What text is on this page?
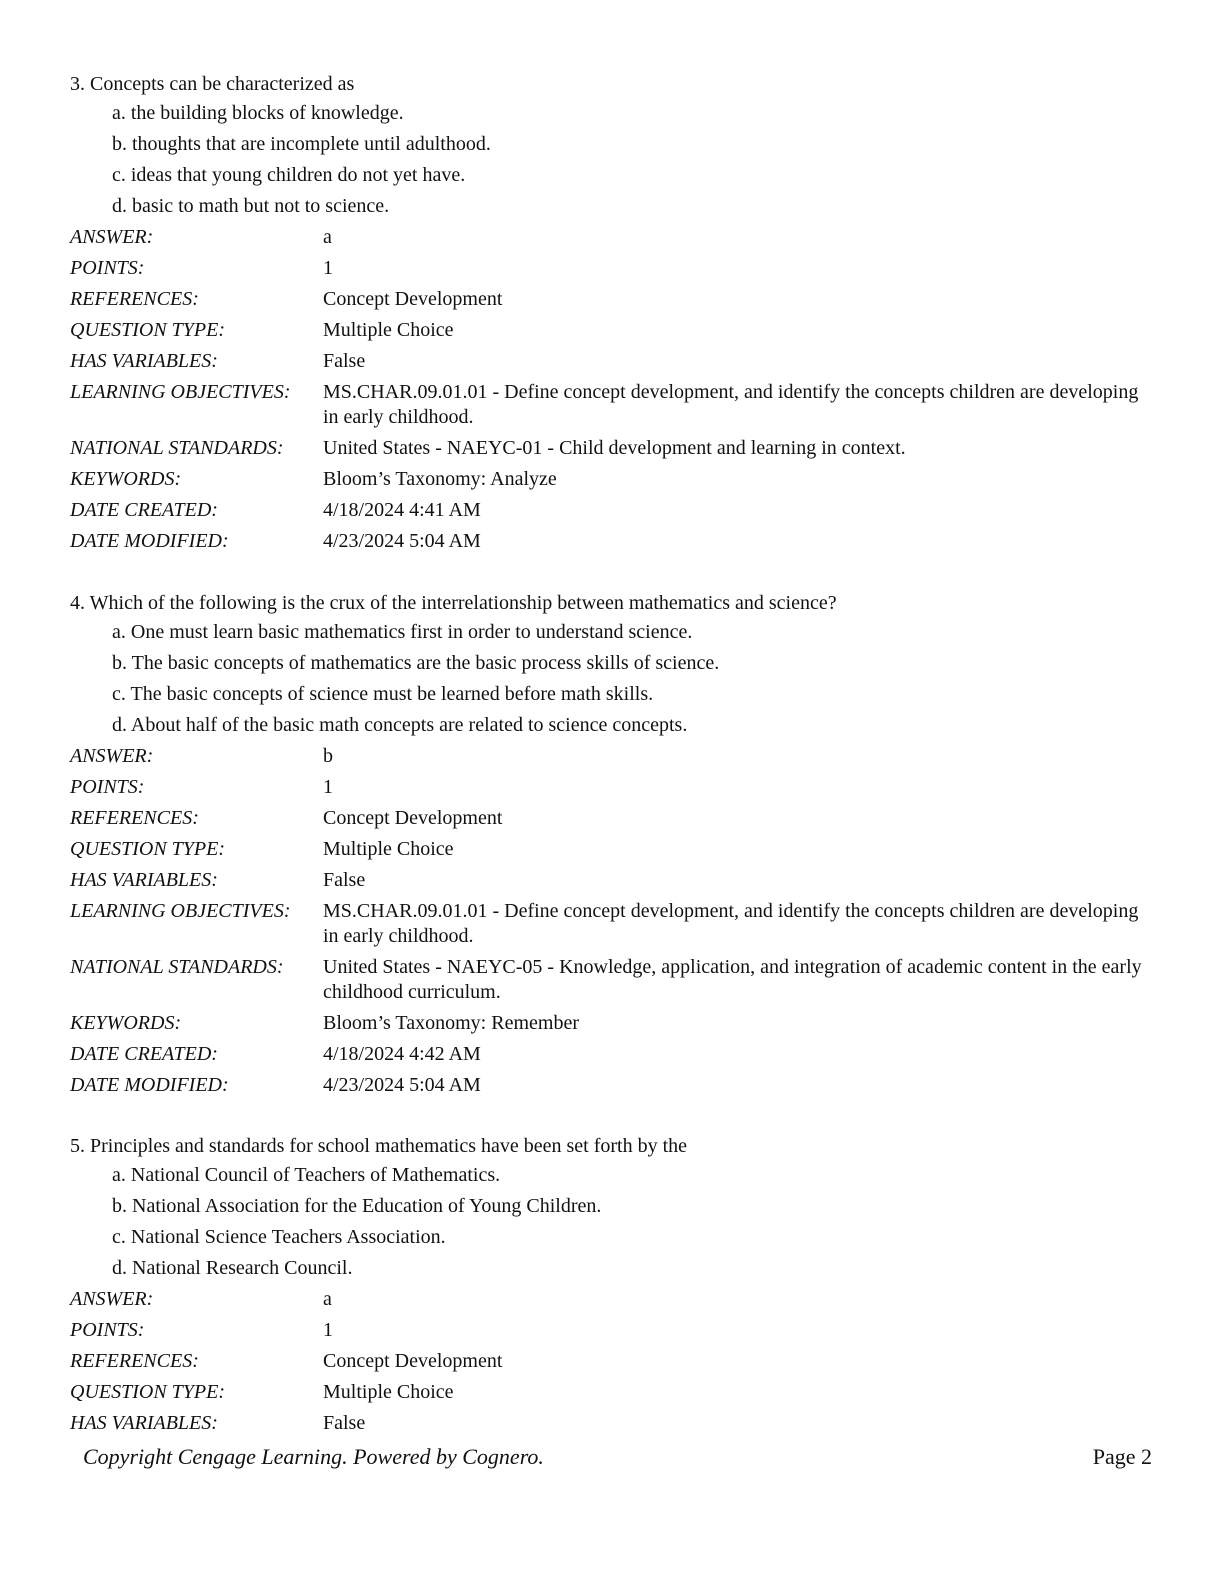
3. Concepts can be characterized as
a. the building blocks of knowledge.
b. thoughts that are incomplete until adulthood.
c. ideas that young children do not yet have.
d. basic to math but not to science.
ANSWER:	a
POINTS:	1
REFERENCES:	Concept Development
QUESTION TYPE:	Multiple Choice
HAS VARIABLES:	False
LEARNING OBJECTIVES:	MS.CHAR.09.01.01 - Define concept development, and identify the concepts children are developing in early childhood.
NATIONAL STANDARDS:	United States - NAEYC-01 - Child development and learning in context.
KEYWORDS:	Bloom’s Taxonomy: Analyze
DATE CREATED:	4/18/2024 4:41 AM
DATE MODIFIED:	4/23/2024 5:04 AM
4. Which of the following is the crux of the interrelationship between mathematics and science?
a. One must learn basic mathematics first in order to understand science.
b. The basic concepts of mathematics are the basic process skills of science.
c. The basic concepts of science must be learned before math skills.
d. About half of the basic math concepts are related to science concepts.
ANSWER:	b
POINTS:	1
REFERENCES:	Concept Development
QUESTION TYPE:	Multiple Choice
HAS VARIABLES:	False
LEARNING OBJECTIVES:	MS.CHAR.09.01.01 - Define concept development, and identify the concepts children are developing in early childhood.
NATIONAL STANDARDS:	United States - NAEYC-05 - Knowledge, application, and integration of academic content in the early childhood curriculum.
KEYWORDS:	Bloom’s Taxonomy: Remember
DATE CREATED:	4/18/2024 4:42 AM
DATE MODIFIED:	4/23/2024 5:04 AM
5. Principles and standards for school mathematics have been set forth by the
a. National Council of Teachers of Mathematics.
b. National Association for the Education of Young Children.
c. National Science Teachers Association.
d. National Research Council.
ANSWER:	a
POINTS:	1
REFERENCES:	Concept Development
QUESTION TYPE:	Multiple Choice
HAS VARIABLES:	False
Copyright Cengage Learning. Powered by Cognero.	Page 2
